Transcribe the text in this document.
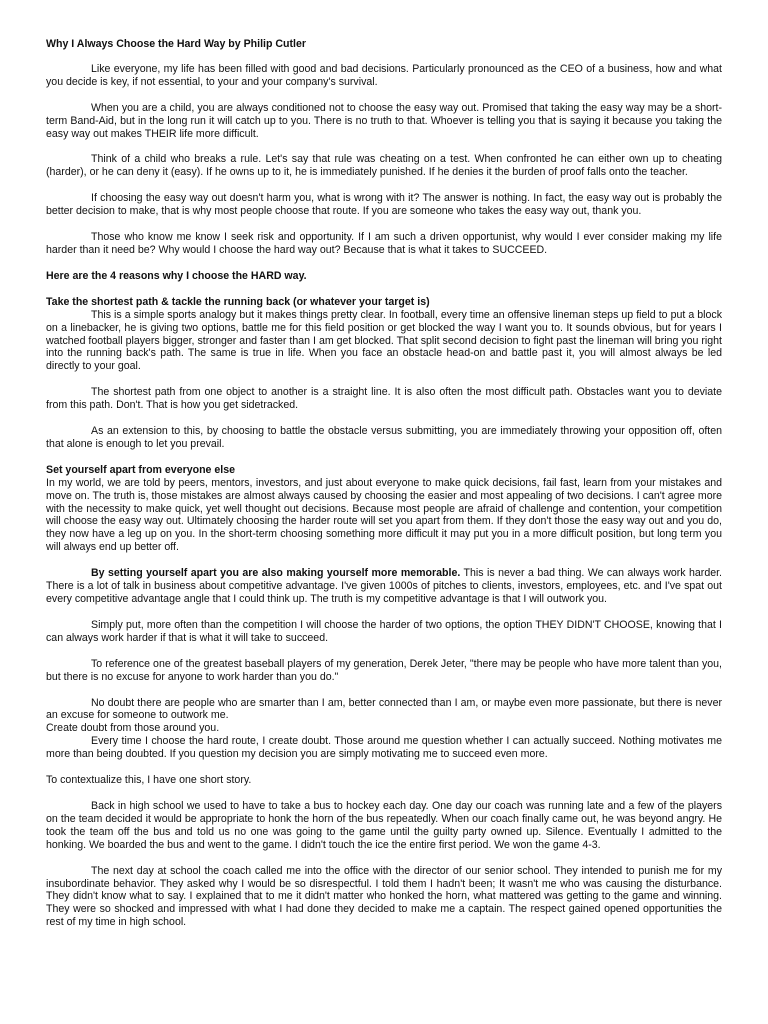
Why I Always Choose the Hard Way by Philip Cutler

Like everyone, my life has been filled with good and bad decisions. Particularly pronounced as the CEO of a business, how and what you decide is key, if not essential, to your and your company's survival.

When you are a child, you are always conditioned not to choose the easy way out. Promised that taking the easy way may be a short-term Band-Aid, but in the long run it will catch up to you. There is no truth to that. Whoever is telling you that is saying it because you taking the easy way out makes THEIR life more difficult.

Think of a child who breaks a rule. Let's say that rule was cheating on a test. When confronted he can either own up to cheating (harder), or he can deny it (easy). If he owns up to it, he is immediately punished. If he denies it the burden of proof falls onto the teacher.

If choosing the easy way out doesn't harm you, what is wrong with it? The answer is nothing. In fact, the easy way out is probably the better decision to make, that is why most people choose that route. If you are someone who takes the easy way out, thank you.

Those who know me know I seek risk and opportunity. If I am such a driven opportunist, why would I ever consider making my life harder than it need be? Why would I choose the hard way out? Because that is what it takes to SUCCEED.

Here are the 4 reasons why I choose the HARD way.

Take the shortest path & tackle the running back (or whatever your target is)

This is a simple sports analogy but it makes things pretty clear. In football, every time an offensive lineman steps up field to put a block on a linebacker, he is giving two options, battle me for this field position or get blocked the way I want you to. It sounds obvious, but for years I watched football players bigger, stronger and faster than I am get blocked. That split second decision to fight past the lineman will bring you right into the running back's path. The same is true in life. When you face an obstacle head-on and battle past it, you will almost always be led directly to your goal.

The shortest path from one object to another is a straight line. It is also often the most difficult path. Obstacles want you to deviate from this path. Don't. That is how you get sidetracked.

As an extension to this, by choosing to battle the obstacle versus submitting, you are immediately throwing your opposition off, often that alone is enough to let you prevail.

Set yourself apart from everyone else

In my world, we are told by peers, mentors, investors, and just about everyone to make quick decisions, fail fast, learn from your mistakes and move on. The truth is, those mistakes are almost always caused by choosing the easier and most appealing of two decisions. I can't agree more with the necessity to make quick, yet well thought out decisions. Because most people are afraid of challenge and contention, your competition will choose the easy way out. Ultimately choosing the harder route will set you apart from them. If they don't those the easy way out and you do, they now have a leg up on you. In the short-term choosing something more difficult it may put you in a more difficult position, but long term you will always end up better off.

By setting yourself apart you are also making yourself more memorable. This is never a bad thing. We can always work harder. There is a lot of talk in business about competitive advantage. I've given 1000s of pitches to clients, investors, employees, etc. and I've spat out every competitive advantage angle that I could think up. The truth is my competitive advantage is that I will outwork you.

Simply put, more often than the competition I will choose the harder of two options, the option THEY DIDN'T CHOOSE, knowing that I can always work harder if that is what it will take to succeed.

To reference one of the greatest baseball players of my generation, Derek Jeter, "there may be people who have more talent than you, but there is no excuse for anyone to work harder than you do."

No doubt there are people who are smarter than I am, better connected than I am, or maybe even more passionate, but there is never an excuse for someone to outwork me.

Create doubt from those around you.

Every time I choose the hard route, I create doubt. Those around me question whether I can actually succeed. Nothing motivates me more than being doubted. If you question my decision you are simply motivating me to succeed even more.

To contextualize this, I have one short story.

Back in high school we used to have to take a bus to hockey each day. One day our coach was running late and a few of the players on the team decided it would be appropriate to honk the horn of the bus repeatedly. When our coach finally came out, he was beyond angry. He took the team off the bus and told us no one was going to the game until the guilty party owned up. Silence. Eventually I admitted to the honking. We boarded the bus and went to the game. I didn't touch the ice the entire first period. We won the game 4-3.

The next day at school the coach called me into the office with the director of our senior school. They intended to punish me for my insubordinate behavior. They asked why I would be so disrespectful. I told them I hadn't been; It wasn't me who was causing the disturbance. They didn't know what to say. I explained that to me it didn't matter who honked the horn, what mattered was getting to the game and winning. They were so shocked and impressed with what I had done they decided to make me a captain. The respect gained opened opportunities the rest of my time in high school.
